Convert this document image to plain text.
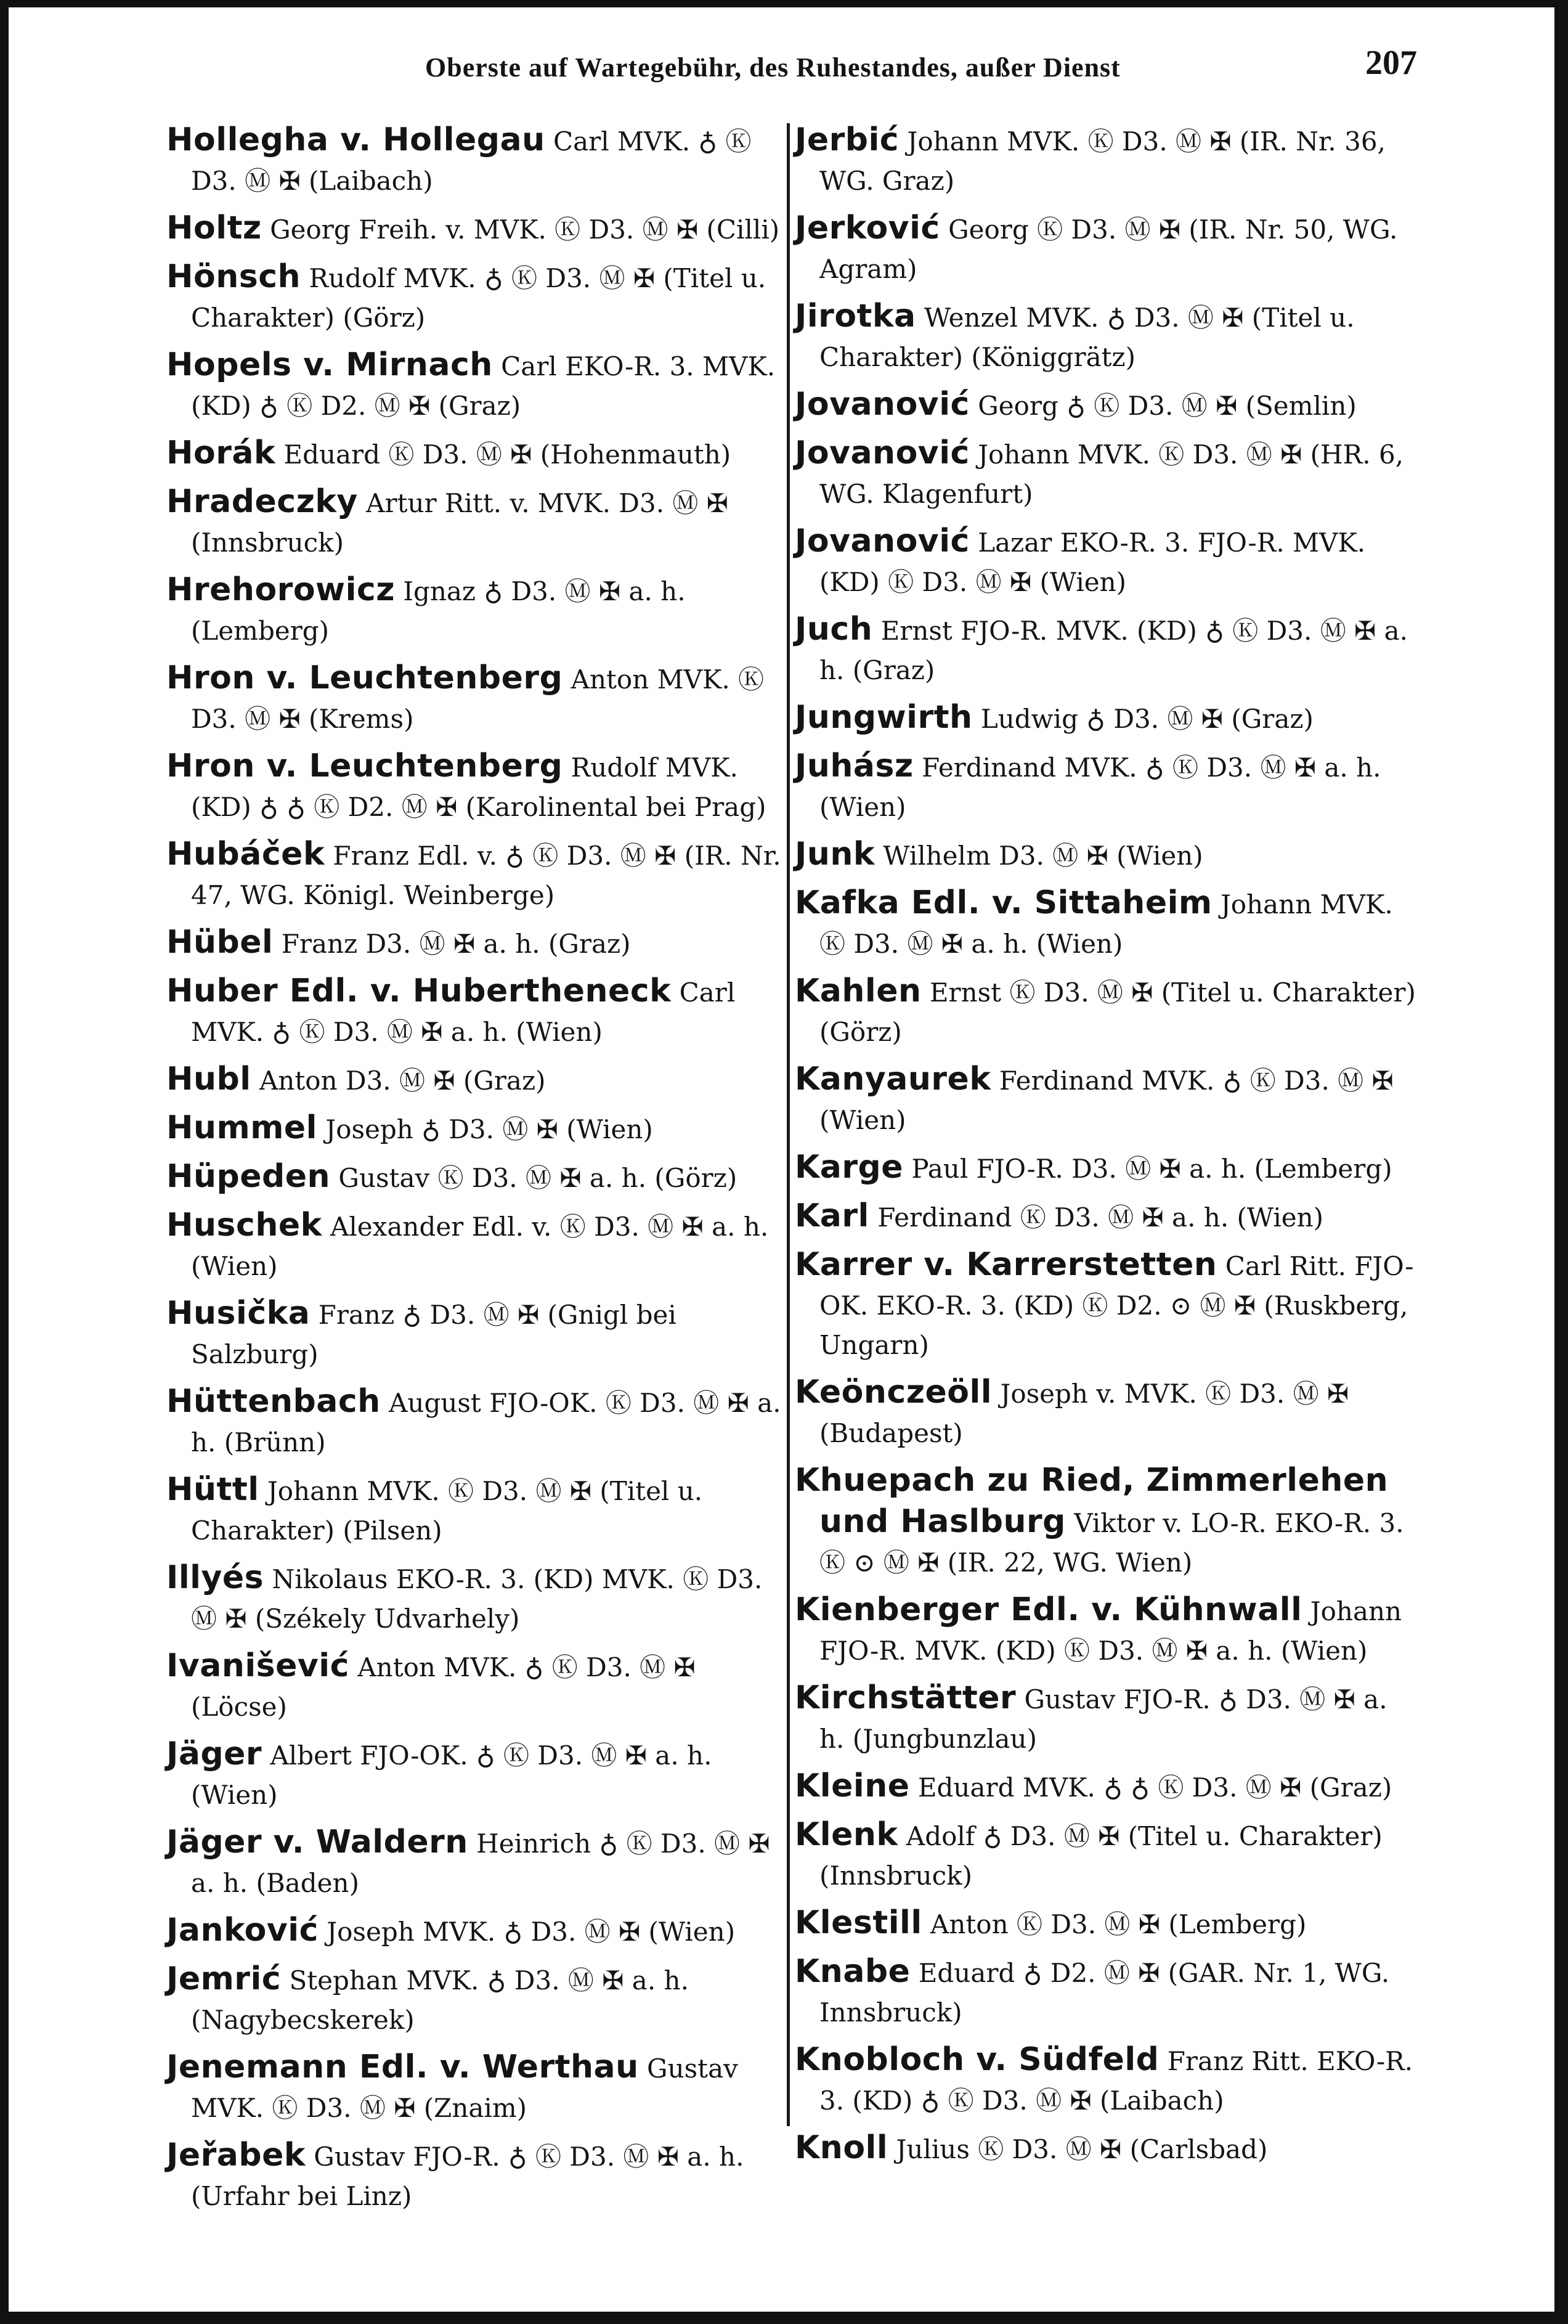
Oberste auf Wartegebühr, des Ruhestandes, außer Dienst	207
Hollegha v. Hollegau Carl MVK. ♁ Ⓚ D3. Ⓜ ✠ (Laibach)
Holtz Georg Freih. v. MVK. Ⓚ D3. Ⓜ ✠ (Cilli)
Hönsch Rudolf MVK. ♁ Ⓚ D3. Ⓜ ✠ (Titel u. Charakter) (Görz)
Hopels v. Mirnach Carl EKO-R. 3. MVK. (KD) ♁ Ⓚ D2. Ⓜ ✠ (Graz)
Horák Eduard Ⓚ D3. Ⓜ ✠ (Hohenmauth)
Hradeczky Artur Ritt. v. MVK. D3. Ⓜ ✠ (Innsbruck)
Hrehorowicz Ignaz ♁ D3. Ⓜ ✠ a. h. (Lemberg)
Hron v. Leuchtenberg Anton MVK. Ⓚ D3. Ⓜ ✠ (Krems)
Hron v. Leuchtenberg Rudolf MVK. (KD) ♁ ♁ Ⓚ D2. Ⓜ ✠ (Karolinental bei Prag)
Hubáček Franz Edl. v. ♁ Ⓚ D3. Ⓜ ✠ (IR. Nr. 47, WG. Königl. Weinberge)
Hübel Franz D3. Ⓜ ✠ a. h. (Graz)
Huber Edl. v. Hubertheneck Carl MVK. ♁ Ⓚ D3. Ⓜ ✠ a. h. (Wien)
Hubl Anton D3. Ⓜ ✠ (Graz)
Hummel Joseph ♁ D3. Ⓜ ✠ (Wien)
Hüpeden Gustav Ⓚ D3. Ⓜ ✠ a. h. (Görz)
Huschek Alexander Edl. v. Ⓚ D3. Ⓜ ✠ a. h. (Wien)
Husička Franz ♁ D3. Ⓜ ✠ (Gnigl bei Salzburg)
Hüttenbach August FJO-OK. Ⓚ D3. Ⓜ ✠ a. h. (Brünn)
Hüttl Johann MVK. Ⓚ D3. Ⓜ ✠ (Titel u. Charakter) (Pilsen)
Illyés Nikolaus EKO-R. 3. (KD) MVK. Ⓚ D3. Ⓜ ✠ (Székely Udvarhely)
Ivanišević Anton MVK. ♁ Ⓚ D3. Ⓜ ✠ (Löcse)
Jäger Albert FJO-OK. ♁ Ⓚ D3. Ⓜ ✠ a. h. (Wien)
Jäger v. Waldern Heinrich ♁ Ⓚ D3. Ⓜ ✠ a. h. (Baden)
Janković Joseph MVK. ♁ D3. Ⓜ ✠ (Wien)
Jemrić Stephan MVK. ♁ D3. Ⓜ ✠ a. h. (Nagybecskerek)
Jenemann Edl. v. Werthau Gustav MVK. Ⓚ D3. Ⓜ ✠ (Znaim)
Jeřabek Gustav FJO-R. ♁ Ⓚ D3. Ⓜ ✠ a. h. (Urfahr bei Linz)
Jerbić Johann MVK. Ⓚ D3. Ⓜ ✠ (IR. Nr. 36, WG. Graz)
Jerković Georg Ⓚ D3. Ⓜ ✠ (IR. Nr. 50, WG. Agram)
Jirotka Wenzel MVK. ♁ D3. Ⓜ ✠ (Titel u. Charakter) (Königgrätz)
Jovanović Georg ♁ Ⓚ D3. Ⓜ ✠ (Semlin)
Jovanović Johann MVK. Ⓚ D3. Ⓜ ✠ (HR. 6, WG. Klagenfurt)
Jovanović Lazar EKO-R. 3. FJO-R. MVK. (KD) Ⓚ D3. Ⓜ ✠ (Wien)
Juch Ernst FJO-R. MVK. (KD) ♁ Ⓚ D3. Ⓜ ✠ a. h. (Graz)
Jungwirth Ludwig ♁ D3. Ⓜ ✠ (Graz)
Juhász Ferdinand MVK. ♁ Ⓚ D3. Ⓜ ✠ a. h. (Wien)
Junk Wilhelm D3. Ⓜ ✠ (Wien)
Kafka Edl. v. Sittaheim Johann MVK. Ⓚ D3. Ⓜ ✠ a. h. (Wien)
Kahlen Ernst Ⓚ D3. Ⓜ ✠ (Titel u. Charakter) (Görz)
Kanyaurek Ferdinand MVK. ♁ Ⓚ D3. Ⓜ ✠ (Wien)
Karge Paul FJO-R. D3. Ⓜ ✠ a. h. (Lemberg)
Karl Ferdinand Ⓚ D3. Ⓜ ✠ a. h. (Wien)
Karrer v. Karrerstetten Carl Ritt. FJO-OK. EKO-R. 3. (KD) Ⓚ D2. ⊙ Ⓜ ✠ (Ruskberg, Ungarn)
Keönczeöll Joseph v. MVK. Ⓚ D3. Ⓜ ✠ (Budapest)
Khuepach zu Ried, Zimmerlehen und Haslburg Viktor v. LO-R. EKO-R. 3. Ⓚ ⊙ Ⓜ ✠ (IR. 22, WG. Wien)
Kienberger Edl. v. Kühnwall Johann FJO-R. MVK. (KD) Ⓚ D3. Ⓜ ✠ a. h. (Wien)
Kirchstätter Gustav FJO-R. ♁ D3. Ⓜ ✠ a. h. (Jungbunzlau)
Kleine Eduard MVK. ♁ ♁ Ⓚ D3. Ⓜ ✠ (Graz)
Klenk Adolf ♁ D3. Ⓜ ✠ (Titel u. Charakter) (Innsbruck)
Klestill Anton Ⓚ D3. Ⓜ ✠ (Lemberg)
Knabe Eduard ♁ D2. Ⓜ ✠ (GAR. Nr. 1, WG. Innsbruck)
Knobloch v. Südfeld Franz Ritt. EKO-R. 3. (KD) ♁ Ⓚ D3. Ⓜ ✠ (Laibach)
Knoll Julius Ⓚ D3. Ⓜ ✠ (Carlsbad)
